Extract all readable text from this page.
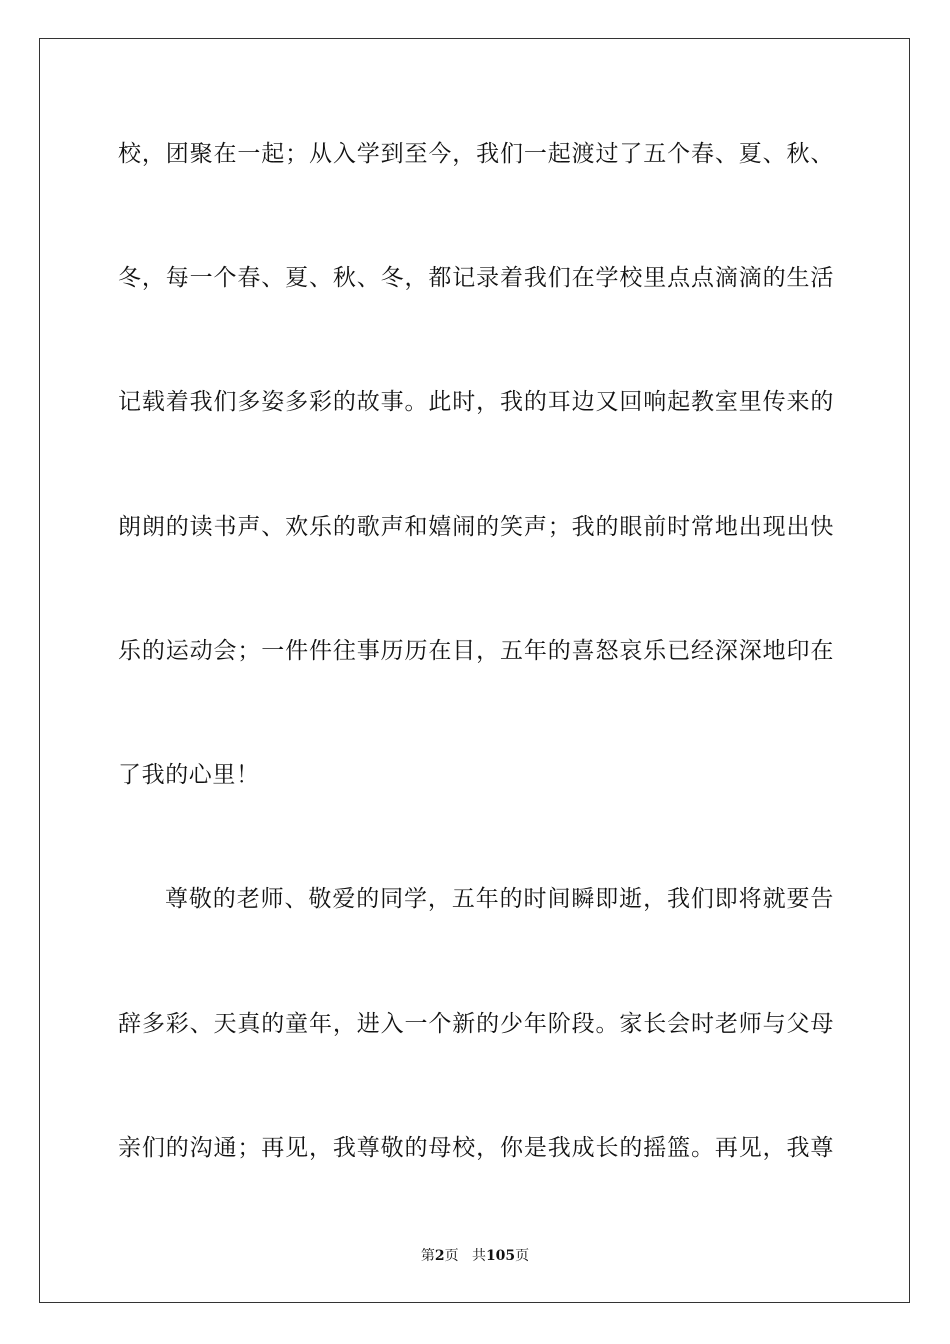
校，团聚在一起；从入学到至今，我们一起渡过了五个春、夏、秋、
冬，每一个春、夏、秋、冬，都记录着我们在学校里点点滴滴的生活
记载着我们多姿多彩的故事。此时，我的耳边又回响起教室里传来的
朗朗的读书声、欢乐的歌声和嬉闹的笑声；我的眼前时常地出现出快
乐的运动会；一件件往事历历在目，五年的喜怒哀乐已经深深地印在
了我的心里！
尊敬的老师、敬爱的同学，五年的时间瞬即逝，我们即将就要告
辞多彩、天真的童年，进入一个新的少年阶段。家长会时老师与父母
亲们的沟通；再见，我尊敬的母校，你是我成长的摇篮。再见，我尊
第2页 共105页
